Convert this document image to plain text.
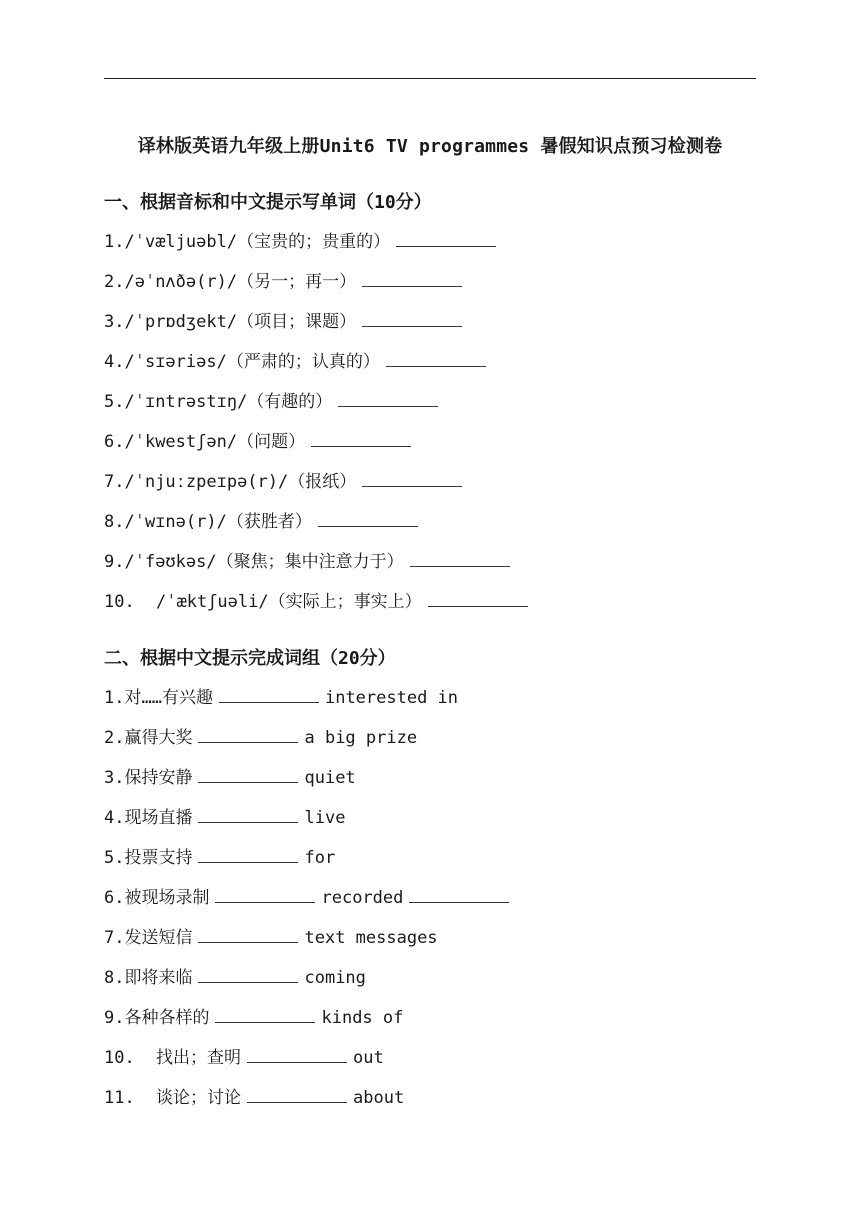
译林版英语九年级上册Unit6 TV programmes 暑假知识点预习检测卷
一、根据音标和中文提示写单词（10分）
1./ˈvæljuəbl/（宝贵的；贵重的）
2./əˈnʌðə(r)/（另一；再一）
3./ˈprɒdʒekt/（项目；课题）
4./ˈsɪəriəs/（严肃的；认真的）
5./ˈɪntrəstɪŋ/（有趣的）
6./ˈkwestʃən/（问题）
7./ˈnjuːzpeɪpə(r)/（报纸）
8./ˈwɪnə(r)/（获胜者）
9./ˈfəʊkəs/（聚焦；集中注意力于）
10. /ˈæktʃuəli/（实际上；事实上）
二、根据中文提示完成词组（20分）
1.对……有兴趣	interested in
2.赢得大奖	a big prize
3.保持安静	quiet
4.现场直播	live
5.投票支持	for
6.被现场录制	recorded
7.发送短信	text messages
8.即将来临	coming
9.各种各样的	kinds of
10. 找出；查明	out
11. 谈论；讨论	about
